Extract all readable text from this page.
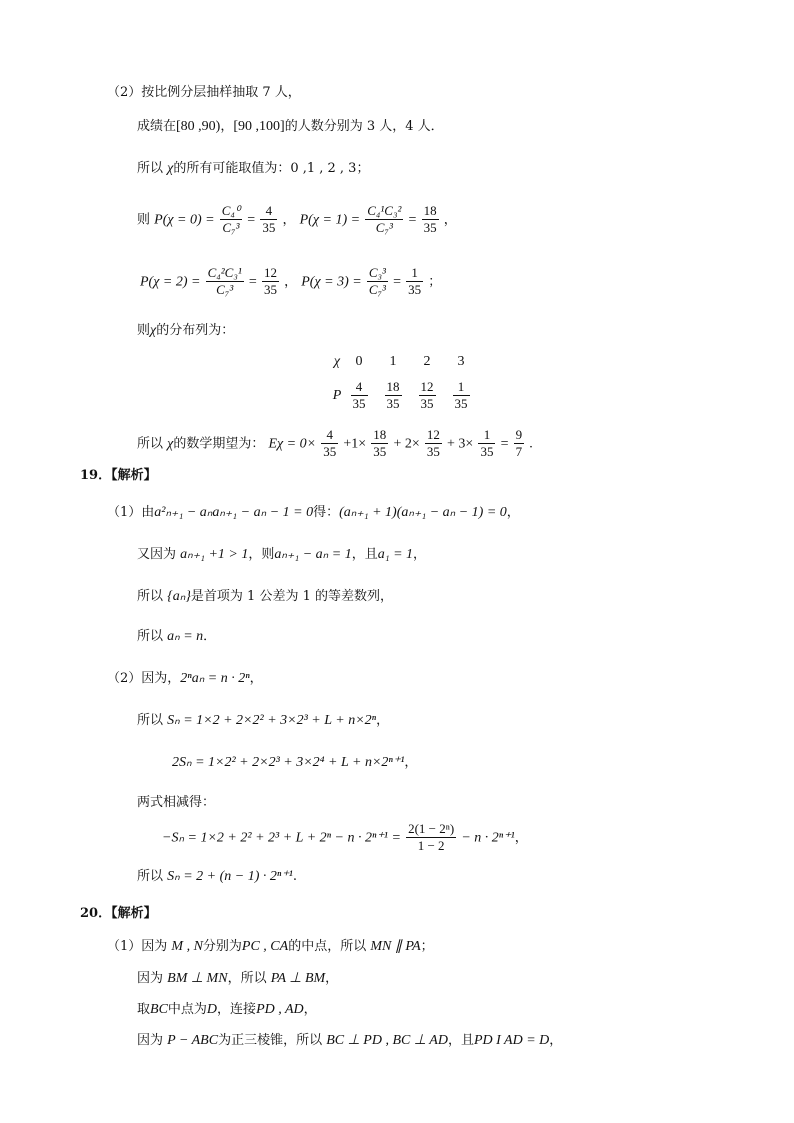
（2）按比例分层抽样抽取 7 人，
成绩在[80 ,90)，[90 ,100]的人数分别为 3 人，4 人．
所以 χ的所有可能取值为：0 ,1 , 2 , 3；
则 $P(\chi = 0) = \frac{\text{C₄⁰}}{\text{C₇³}} = \frac{4}{35}$ ， $P(\chi = 1) = \frac{\text{C₄¹C₃²}}{\text{C₇³}} = \frac{18}{35}$ ，
$P(\chi = 2) = \frac{\text{C₄²C₃¹}}{\text{C₇³}} = \frac{12}{35}$ ， $P(\chi = 3) = \frac{\text{C₃³}}{\text{C₇³}} = \frac{1}{35}$ ；
则χ的分布列为：
χ	0	1	2	3
P $\frac{4}{35} \frac{18}{35} \frac{12}{35} \frac{1}{35}$
所以 χ的数学期望为： $E\chi = 0\times \frac{4}{35} +1\times \frac{18}{35} + 2\times \frac{12}{35} + 3\times \frac{1}{35} = \frac{9}{7}$ .
19．【解析】
（1）由a²ₙ₊₁ − aₙaₙ₊₁ − aₙ − 1 = 0得：(aₙ₊₁ + 1)(aₙ₊₁ − aₙ − 1) = 0，
又因为 aₙ₊₁ +1 > 1，则aₙ₊₁ − aₙ = 1，且a₁ = 1，
所以 {aₙ}是首项为 1 公差为 1 的等差数列，
所以 aₙ = n．
（2）因为，2ⁿaₙ = n · 2ⁿ，
所以 Sₙ = 1×2 + 2×2² + 3×2³ + L + n×2ⁿ，
2Sₙ = 1×2² + 2×2³ + 3×2⁴ + L + n×2ⁿ⁺¹，
两式相减得：
$-S_n = 1\times 2 + 2^2 + 2^3 + L + 2^n - n \cdot 2^{n+1} = \frac{\text{2(1 − 2ⁿ)}}{1 - 2} - n \cdot 2^{n+1}$，
所以 Sₙ = 2 + (n − 1) · 2ⁿ⁺¹.
20．【解析】
（1）因为 M , N分别为PC , CA的中点，所以 MN ∥ PA；
因为 BM ⊥ MN，所以 PA ⊥ BM，
取BC中点为D，连接PD , AD，
因为 P − ABC为正三棱锥，所以 BC ⊥ PD , BC ⊥ AD，且PD I AD = D，
